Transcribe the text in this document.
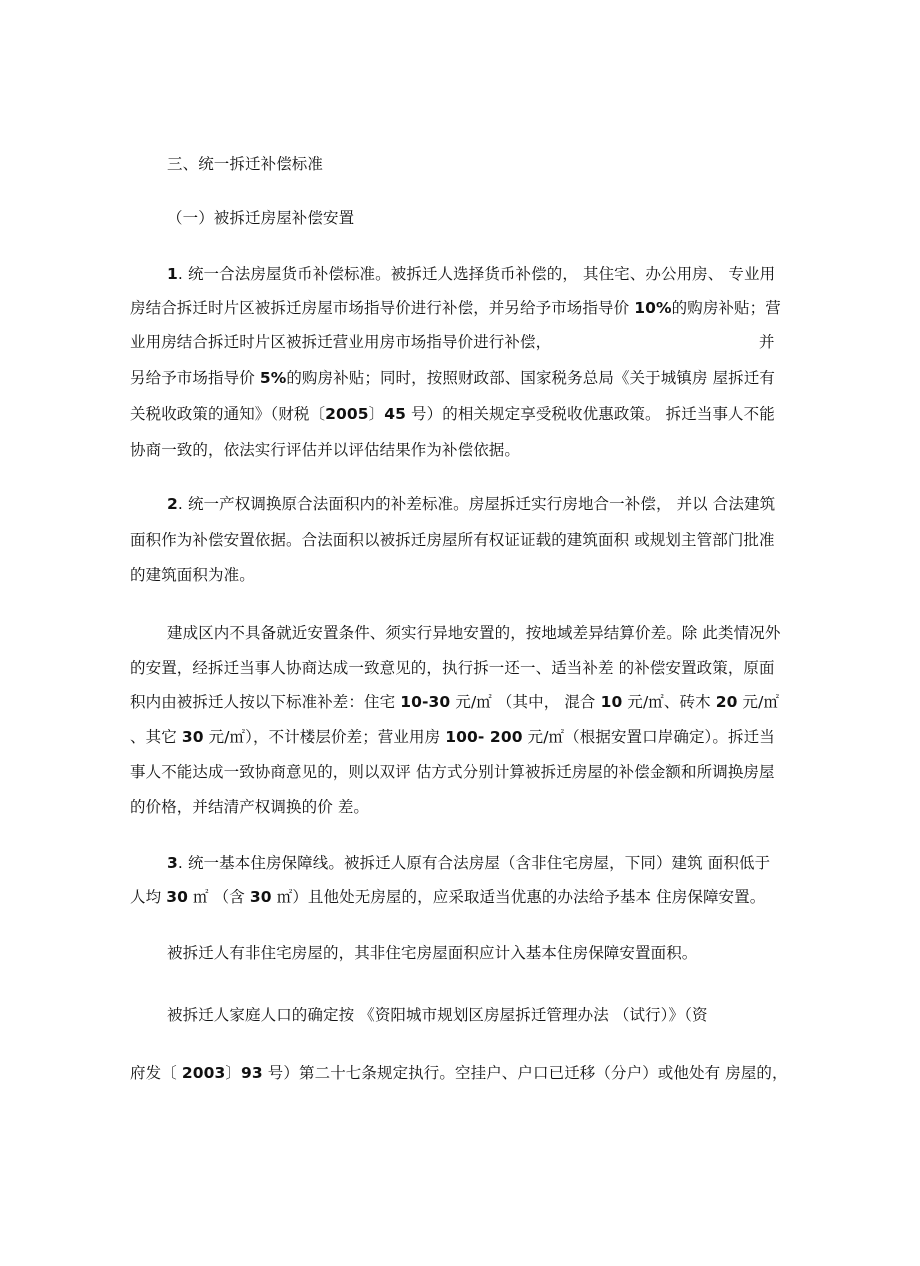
三、统一拆迁补偿标准
（一）被拆迁房屋补偿安置
1. 统一合法房屋货币补偿标准。被拆迁人选择货币补偿的， 其住宅、办公用房、 专业用
房结合拆迁时片区被拆迁房屋市场指导价进行补偿，并另给予市场指导价 10%的购房补贴；营
业用房结合拆迁时片区被拆迁营业用房市场指导价进行补偿，	并
另给予市场指导价 5%的购房补贴；同时，按照财政部、国家税务总局《关于城镇房 屋拆迁有
关税收政策的通知》（财税〔2005〕45 号）的相关规定享受税收优惠政策。 拆迁当事人不能
协商一致的，依法实行评估并以评估结果作为补偿依据。
2. 统一产权调换原合法面积内的补差标准。房屋拆迁实行房地合一补偿， 并以 合法建筑
面积作为补偿安置依据。合法面积以被拆迁房屋所有权证证载的建筑面积 或规划主管部门批准
的建筑面积为准。
建成区内不具备就近安置条件、须实行异地安置的，按地域差异结算价差。除 此类情况外
的安置，经拆迁当事人协商达成一致意见的，执行拆一还一、适当补差 的补偿安置政策，原面
积内由被拆迁人按以下标准补差：住宅 10-30 元/㎡ （其中， 混合 10 元/㎡、砖木 20 元/㎡
、其它 30 元/㎡），不计楼层价差；营业用房 100- 200 元/㎡（根据安置口岸确定）。拆迁当
事人不能达成一致协商意见的，则以双评 估方式分别计算被拆迁房屋的补偿金额和所调换房屋
的价格，并结清产权调换的价 差。
3. 统一基本住房保障线。被拆迁人原有合法房屋（含非住宅房屋，下同）建筑 面积低于
人均 30 ㎡ （含 30 ㎡）且他处无房屋的，应采取适当优惠的办法给予基本 住房保障安置。
被拆迁人有非住宅房屋的，其非住宅房屋面积应计入基本住房保障安置面积。
被拆迁人家庭人口的确定按 《资阳城市规划区房屋拆迁管理办法 （试行）》（资
府发〔 2003〕93 号）第二十七条规定执行。空挂户、户口已迁移（分户）或他处有 房屋的，
